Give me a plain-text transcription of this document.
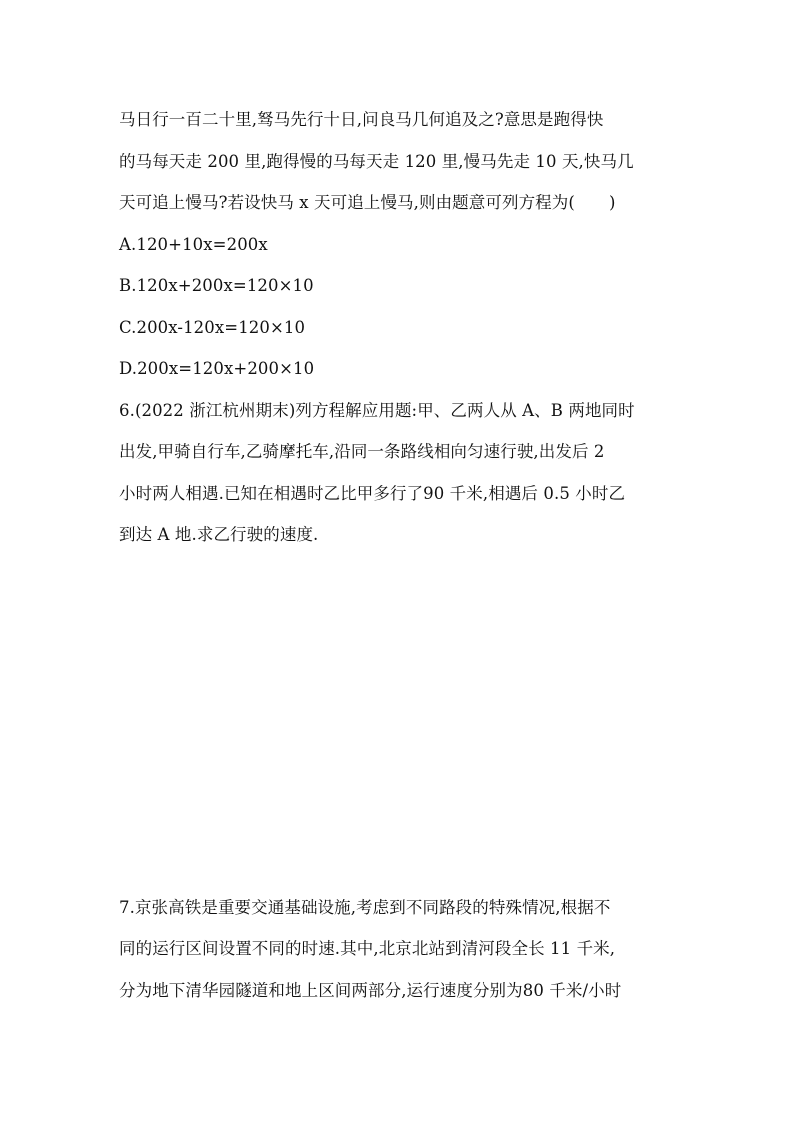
马日行一百二十里,驽马先行十日,问良马几何追及之?意思是跑得快
的马每天走 200 里,跑得慢的马每天走 120 里,慢马先走 10 天,快马几
天可追上慢马?若设快马 x 天可追上慢马,则由题意可列方程为( )
A.120+10x=200x
B.120x+200x=120×10
C.200x-120x=120×10
D.200x=120x+200×10
6.(2022 浙江杭州期末)列方程解应用题:甲、乙两人从 A、B 两地同时
出发,甲骑自行车,乙骑摩托车,沿同一条路线相向匀速行驶,出发后 2
小时两人相遇.已知在相遇时乙比甲多行了90 千米,相遇后 0.5 小时乙
到达 A 地.求乙行驶的速度.
7.京张高铁是重要交通基础设施,考虑到不同路段的特殊情况,根据不
同的运行区间设置不同的时速.其中,北京北站到清河段全长 11 千米,
分为地下清华园隧道和地上区间两部分,运行速度分别为80 千米/小时
